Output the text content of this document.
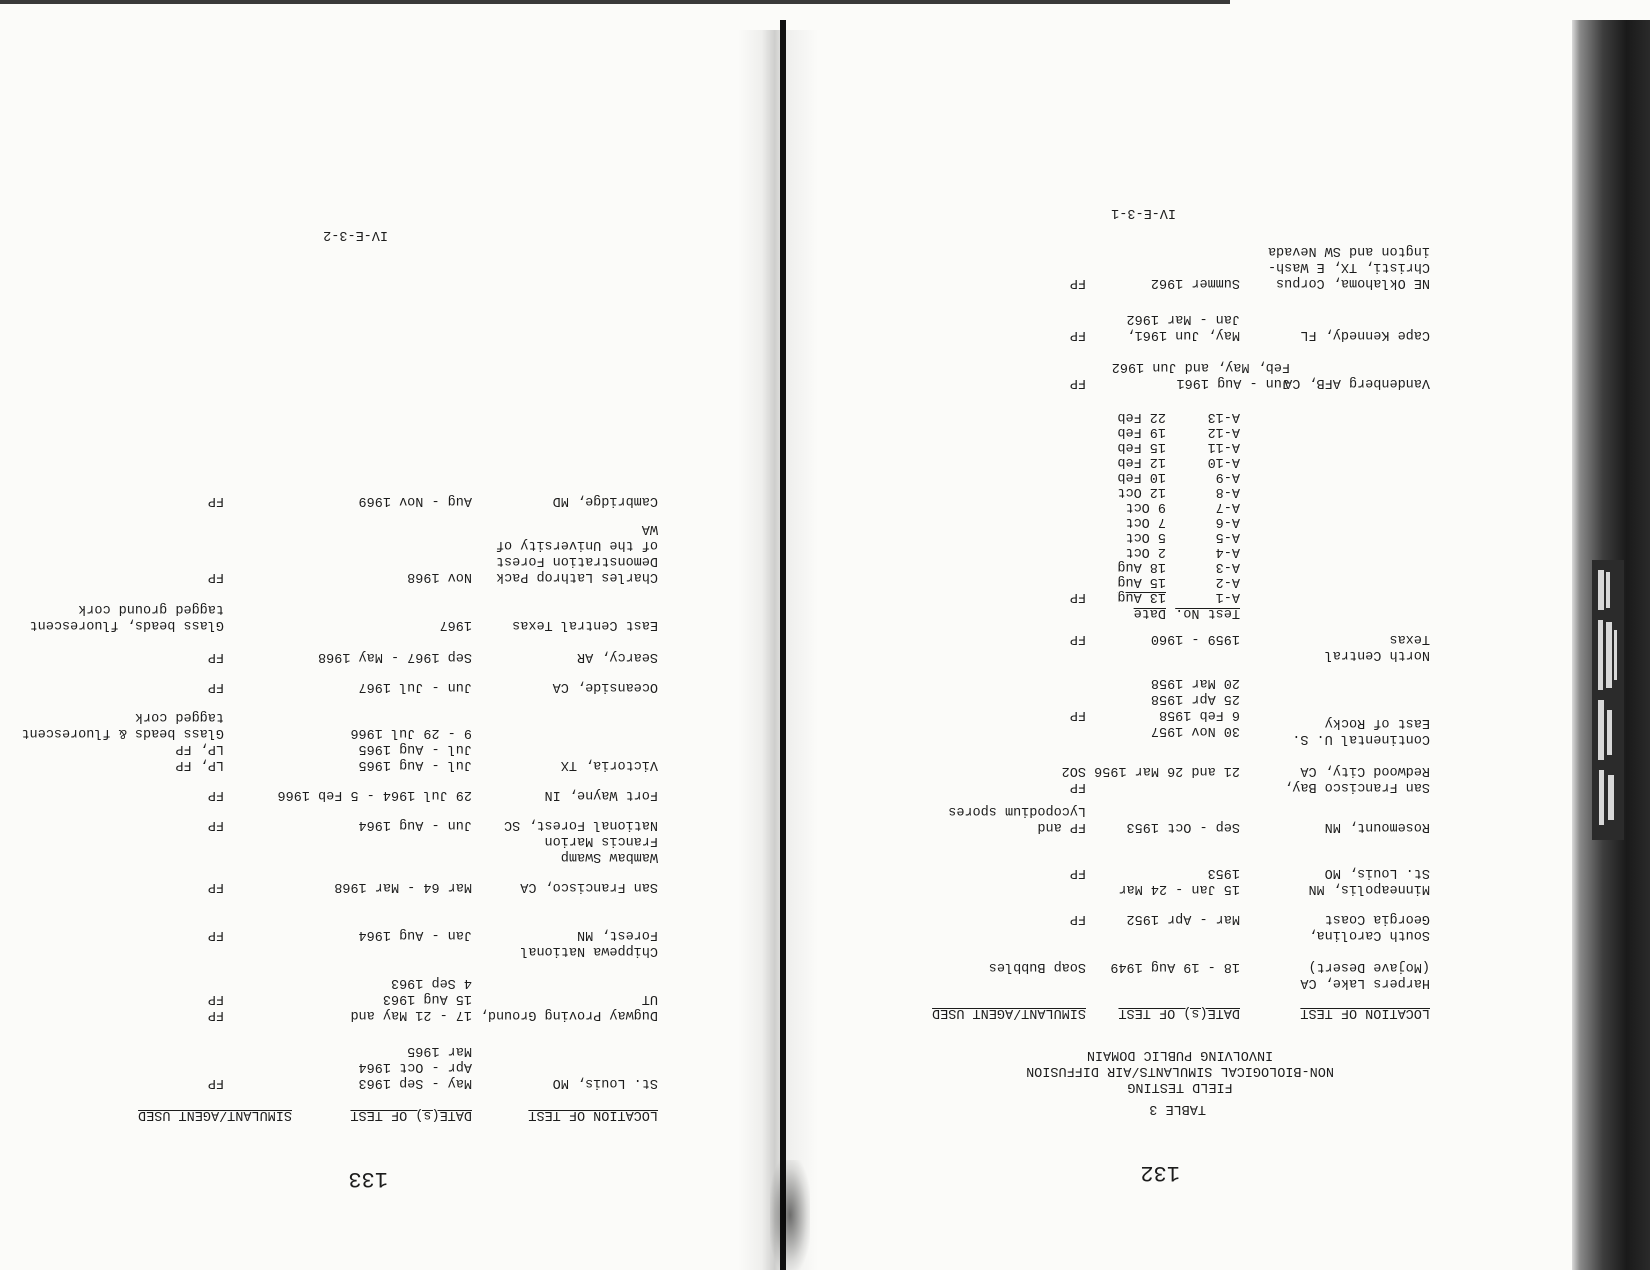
133
LOCATION OF TEST
DATE(s) OF TEST
SIMULANT/AGENT USED
St. Louis, MO
May - Sep 1963
Apr - Oct 1964
Mar 1965
FP
Dugway Proving Ground,
UT
17 - 21 May and
15 Aug 1963
4 Sep 1963
FP
FP
Chippewa National
Forest, MN
Jan - Aug 1964
FP
San Francisco, CA
Mar 64 - Mar 1968
FP
Wambaw Swamp
Francis Marion
National Forest, SC
Jun - Aug 1964
FP
Fort Wayne, IN
29 Jul 1964 - 5 Feb 1966
FP
Victoria, TX
Jul - Aug 1965
Jul - Aug 1965
9 - 29 Jul 1966
LP, FP
LP, FP
Glass beads & fluorescent
tagged cork
Oceanside, CA
Jun - Jul 1967
FP
Searcy, AR
Sep 1967 - May 1968
FP
East Central Texas
1967
Glass beads, fluorescent
tagged ground cork
Charles Lathrop Pack
Demonstration Forest
of the University of
WA
Nov 1968
FP
Cambridge, MD
Aug - Nov 1969
FP
IV-E-3-2
132
TABLE 3
FIELD TESTING
NON-BIOLOGICAL SIMULANTS/AIR DIFFUSION
INVOLVING PUBLIC DOMAIN
LOCATION OF TEST
DATE(s) OF TEST
SIMULANT/AGENT USED
Harpers Lake, CA
(Mojave Desert)
18 - 19 Aug 1949
Soap Bubbles
South Carolina,
Georgia Coast
Mar - Apr 1952
FP
Minneapolis, MN
St. Louis, MO
15 Jan - 24 Mar
1953
FP
Rosemount, MN
Sep - Oct 1953
FP and
Lycopodium spores
San Francisco Bay,
Redwood City, CA
21 and 26 Mar 1956
FP
SO2
Continental U. S.
East of Rocky
30 Nov 1957
6 Feb 1958
25 Apr 1958
20 Mar 1958
FP
North Central
Texas
1959 - 1960
FP
Test No.
Date
FP
Vandenberg AFB, CA
Jun - Aug 1961
Feb, May, and Jun 1962
FP
Cape Kennedy, FL
May, Jun 1961,
Jan - Mar 1962
FP
NE Oklahoma, Corpus
Christi, TX, E Wash-
ington and SW Nevada
Summer 1962
FP
IV-E-3-1
A-1
13 Aug
A-2
15 Aug
A-3
18 Aug
A-4
2 Oct
A-5
5 Oct
A-6
7 Oct
A-7
9 Oct
A-8
12 Oct
A-9
10 Feb
A-10
12 Feb
A-11
15 Feb
A-12
19 Feb
A-13
22 Feb
